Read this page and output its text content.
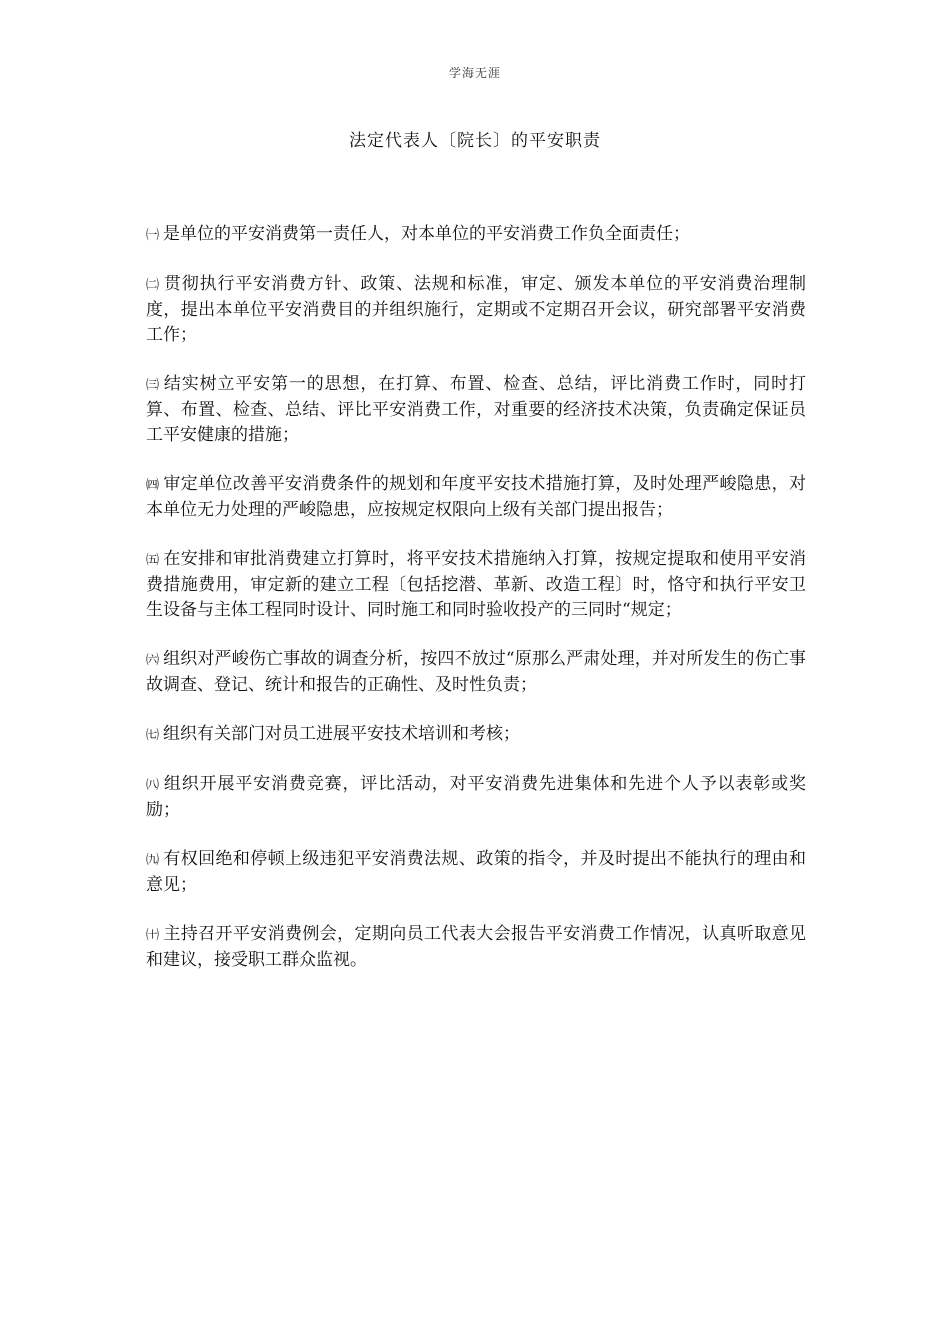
学海无涯
法定代表人〔院长〕的平安职责

㈠ 是单位的平安消费第一责任人，对本单位的平安消费工作负全面责任；

㈡ 贯彻执行平安消费方针、政策、法规和标准，审定、颁发本单位的平安消费治理制度，提出本单位平安消费目的并组织施行，定期或不定期召开会议，研究部署平安消费工作；

㈢ 结实树立平安第一的思想，在打算、布置、检查、总结，评比消费工作时，同时打算、布置、检查、总结、评比平安消费工作，对重要的经济技术决策，负责确定保证员工平安健康的措施；

㈣ 审定单位改善平安消费条件的规划和年度平安技术措施打算，及时处理严峻隐患，对本单位无力处理的严峻隐患，应按规定权限向上级有关部门提出报告；

㈤ 在安排和审批消费建立打算时，将平安技术措施纳入打算，按规定提取和使用平安消费措施费用，审定新的建立工程〔包括挖潜、革新、改造工程〕时，恪守和执行平安卫生设备与主体工程同时设计、同时施工和同时验收投产的三同时“规定；

㈥ 组织对严峻伤亡事故的调查分析，按四不放过“原那么严肃处理，并对所发生的伤亡事故调查、登记、统计和报告的正确性、及时性负责；

㈦ 组织有关部门对员工进展平安技术培训和考核；

㈧ 组织开展平安消费竞赛，评比活动，对平安消费先进集体和先进个人予以表彰或奖励；

㈨ 有权回绝和停顿上级违犯平安消费法规、政策的指令，并及时提出不能执行的理由和意见；

㈩ 主持召开平安消费例会，定期向员工代表大会报告平安消费工作情况，认真听取意见和建议，接受职工群众监视。
